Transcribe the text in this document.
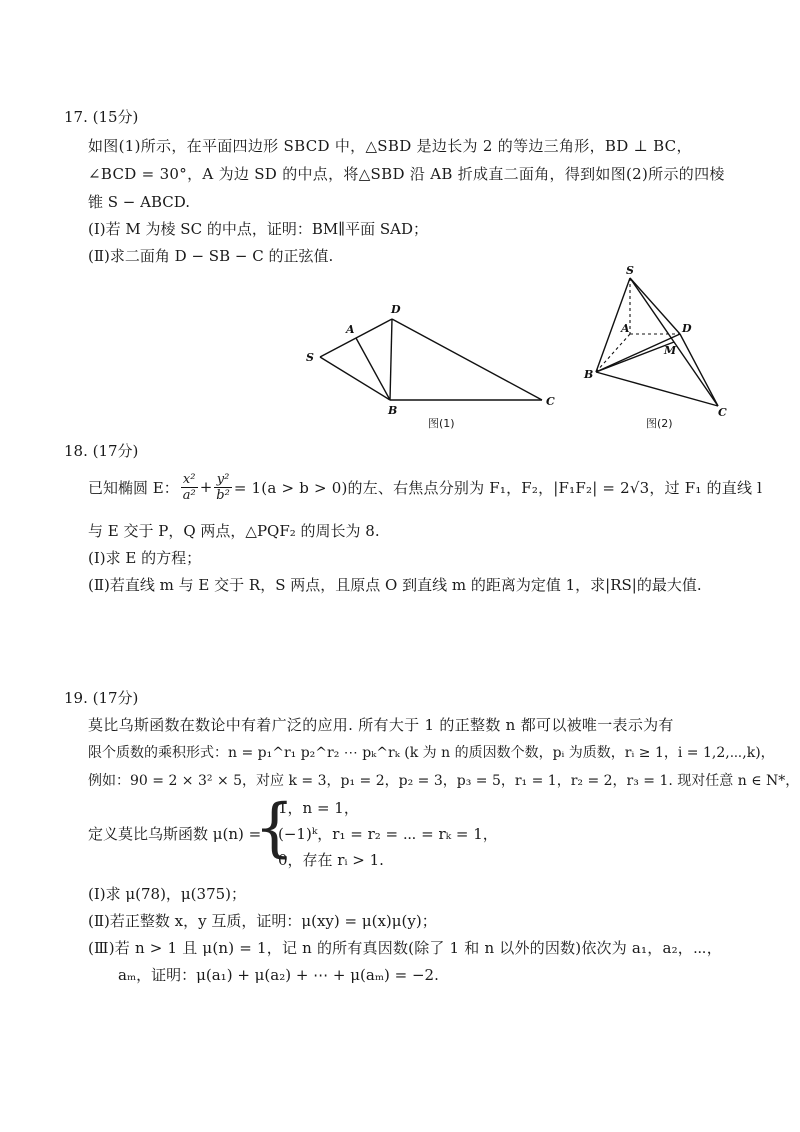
17. (15分)
如图(1)所示，在平面四边形 SBCD 中，△SBD 是边长为 2 的等边三角形，BD ⊥ BC，
∠BCD = 30°，A 为边 SD 的中点，将△SBD 沿 AB 折成直二面角，得到如图(2)所示的四棱
锥 S − ABCD.
(Ⅰ)若 M 为棱 SC 的中点，证明：BM∥平面 SAD；
(Ⅱ)求二面角 D − SB − C 的正弦值.
S
A
D
B
C
图(1)
S
A	D
M
B
C
图(2)
18. (17分)
已知椭圆 E： $\frac{\text{x²}}{\text{a²}} + \frac{\text{y²}}{\text{b²}} = 1(a > b > 0)$的左、右焦点分别为 F₁，F₂，|F₁F₂| = 2√3，过 F₁ 的直线 l
与 E 交于 P，Q 两点，△PQF₂ 的周长为 8.
(Ⅰ)求 E 的方程；
(Ⅱ)若直线 m 与 E 交于 R，S 两点，且原点 O 到直线 m 的距离为定值 1，求|RS|的最大值.
19. (17分)
莫比乌斯函数在数论中有着广泛的应用. 所有大于 1 的正整数 n 都可以被唯一表示为有
限个质数的乘积形式：n = p₁^r₁ p₂^r₂ ⋯ pₖ^rₖ (k 为 n 的质因数个数，pᵢ 为质数，rᵢ ≥ 1，i = 1,2,⋯,k)，
例如：90 = 2 × 3² × 5，对应 k = 3，p₁ = 2，p₂ = 3，p₃ = 5，r₁ = 1，r₂ = 2，r₃ = 1. 现对任意 n ∈ N*，
定义莫比乌斯函数 μ(n) =
{
1，n = 1，
(−1)ᵏ，r₁ = r₂ = ⋯ = rₖ = 1，
0，存在 rᵢ > 1.
(Ⅰ)求 μ(78)，μ(375)；
(Ⅱ)若正整数 x，y 互质，证明：μ(xy) = μ(x)μ(y)；
(Ⅲ)若 n > 1 且 μ(n) = 1，记 n 的所有真因数(除了 1 和 n 以外的因数)依次为 a₁，a₂，⋯，
aₘ，证明：μ(a₁) + μ(a₂) + ⋯ + μ(aₘ) = −2.
